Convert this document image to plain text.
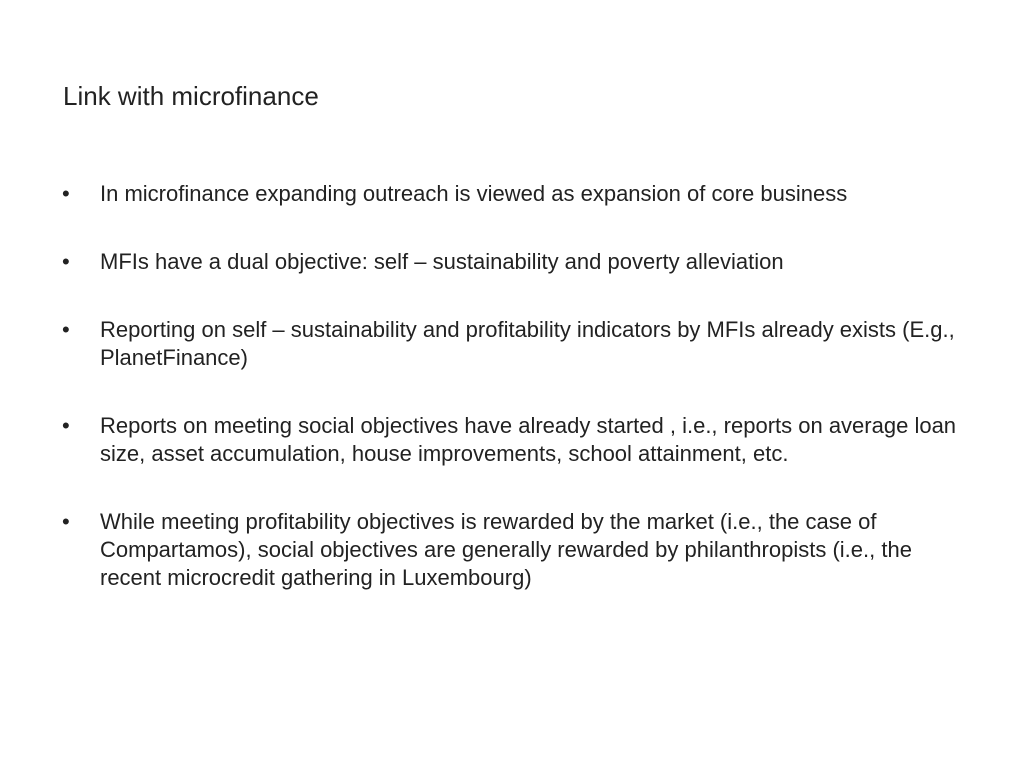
Link with microfinance
• In microfinance expanding outreach is viewed as expansion of core business
• MFIs have a dual objective: self – sustainability and poverty alleviation
• Reporting on self – sustainability and profitability indicators by MFIs already exists (E.g., PlanetFinance)
• Reports on meeting social objectives have already started , i.e., reports on average loan size, asset accumulation, house improvements, school attainment, etc.
• While meeting profitability objectives is rewarded by the market (i.e., the case of Compartamos), social objectives are generally rewarded by philanthropists (i.e., the recent microcredit gathering in Luxembourg)
